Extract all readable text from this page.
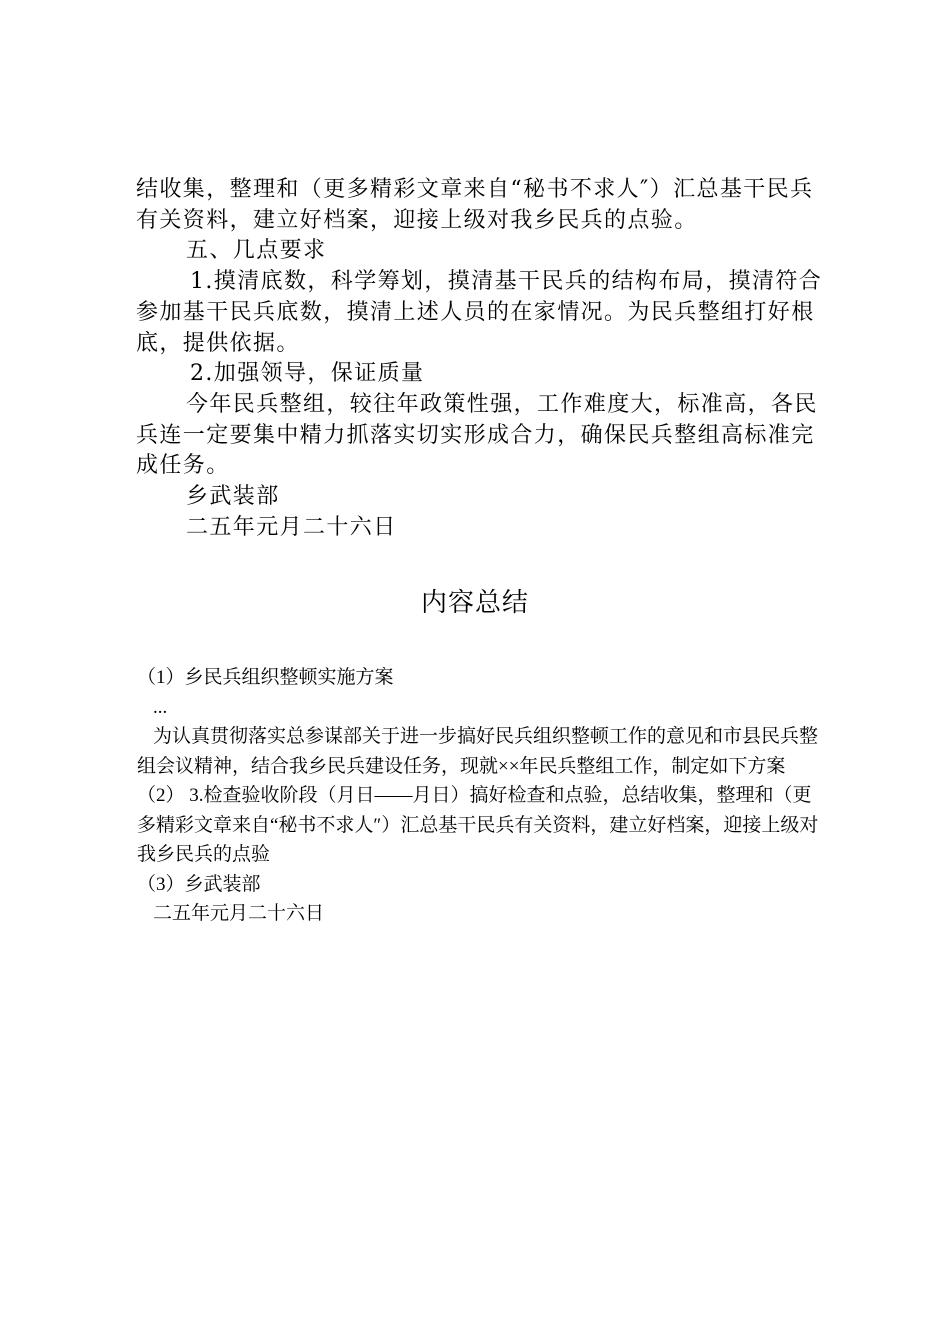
结收集，整理和（更多精彩文章来自“秘书不求人″）汇总基干民兵有关资料，建立好档案，迎接上级对我乡民兵的点验。

五、几点要求

1.摸清底数，科学筹划，摸清基干民兵的结构布局，摸清符合参加基干民兵底数，摸清上述人员的在家情况。为民兵整组打好根底，提供依据。

2.加强领导，保证质量

今年民兵整组，较往年政策性强，工作难度大，标准高，各民兵连一定要集中精力抓落实切实形成合力，确保民兵整组高标准完成任务。

乡武装部

二五年元月二十六日

内容总结

（1）乡民兵组织整顿实施方案

...

为认真贯彻落实总参谋部关于进一步搞好民兵组织整顿工作的意见和市县民兵整组会议精神，结合我乡民兵建设任务，现就××年民兵整组工作，制定如下方案

（2） 3.检查验收阶段（月日——月日）搞好检查和点验，总结收集，整理和（更多精彩文章来自“秘书不求人″）汇总基干民兵有关资料，建立好档案，迎接上级对我乡民兵的点验

（3）乡武装部

二五年元月二十六日
